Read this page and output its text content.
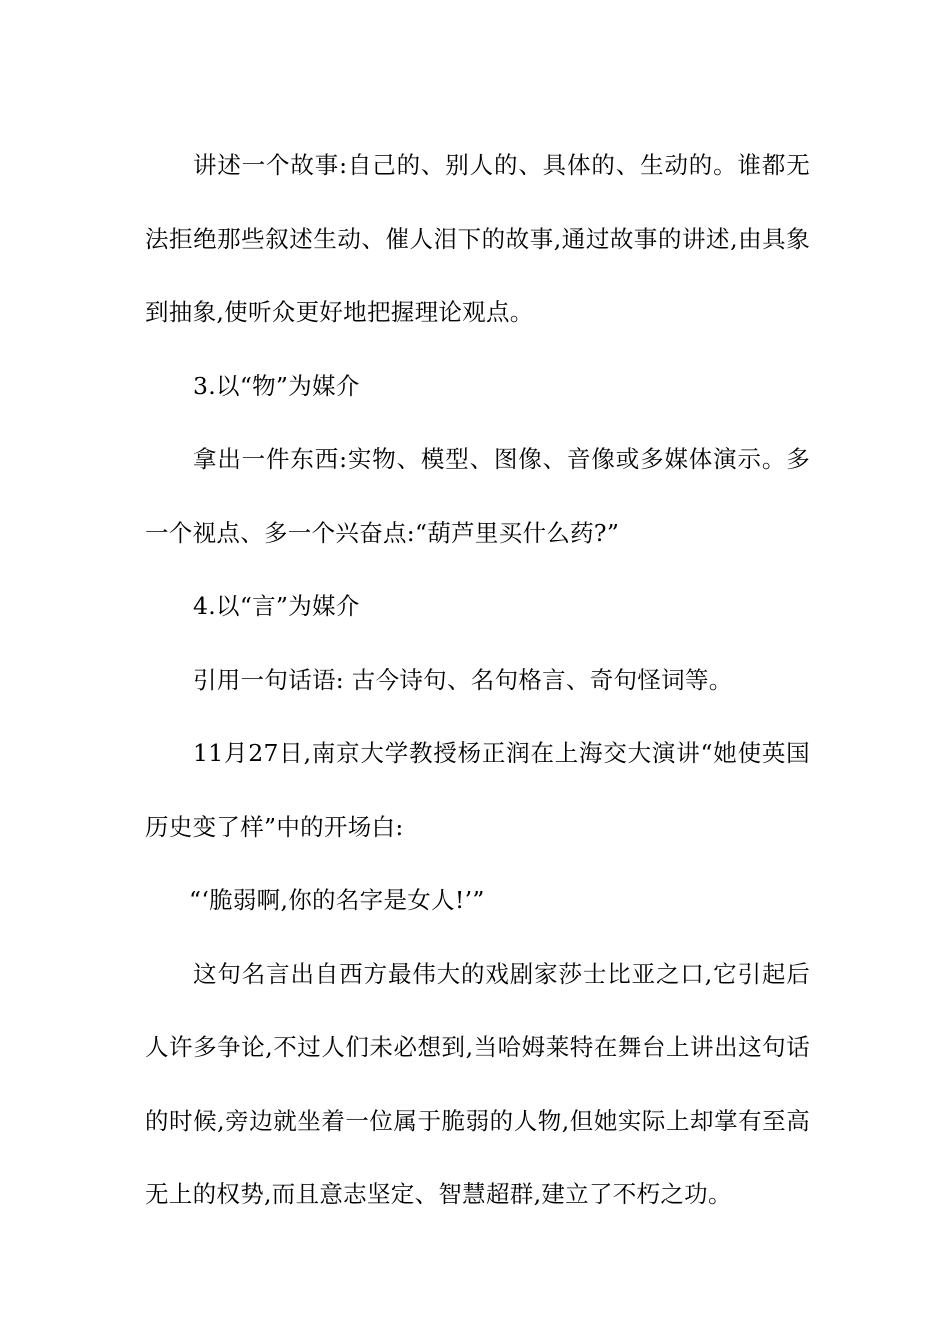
讲述一个故事:自己的、别人的、具体的、生动的。谁都无法拒绝那些叙述生动、催人泪下的故事,通过故事的讲述,由具象到抽象,使听众更好地把握理论观点。

3.以“物”为媒介

拿出一件东西:实物、模型、图像、音像或多媒体演示。多一个视点、多一个兴奋点:“葫芦里买什么药?”

4.以“言”为媒介

引用一句话语: 古今诗句、名句格言、奇句怪词等。

11月27日,南京大学教授杨正润在上海交大演讲“她使英国历史变了样”中的开场白:

“‘脆弱啊,你的名字是女人!’”

这句名言出自西方最伟大的戏剧家莎士比亚之口,它引起后人许多争论,不过人们未必想到,当哈姆莱特在舞台上讲出这句话的时候,旁边就坐着一位属于脆弱的人物,但她实际上却掌有至高无上的权势,而且意志坚定、智慧超群,建立了不朽之功。
